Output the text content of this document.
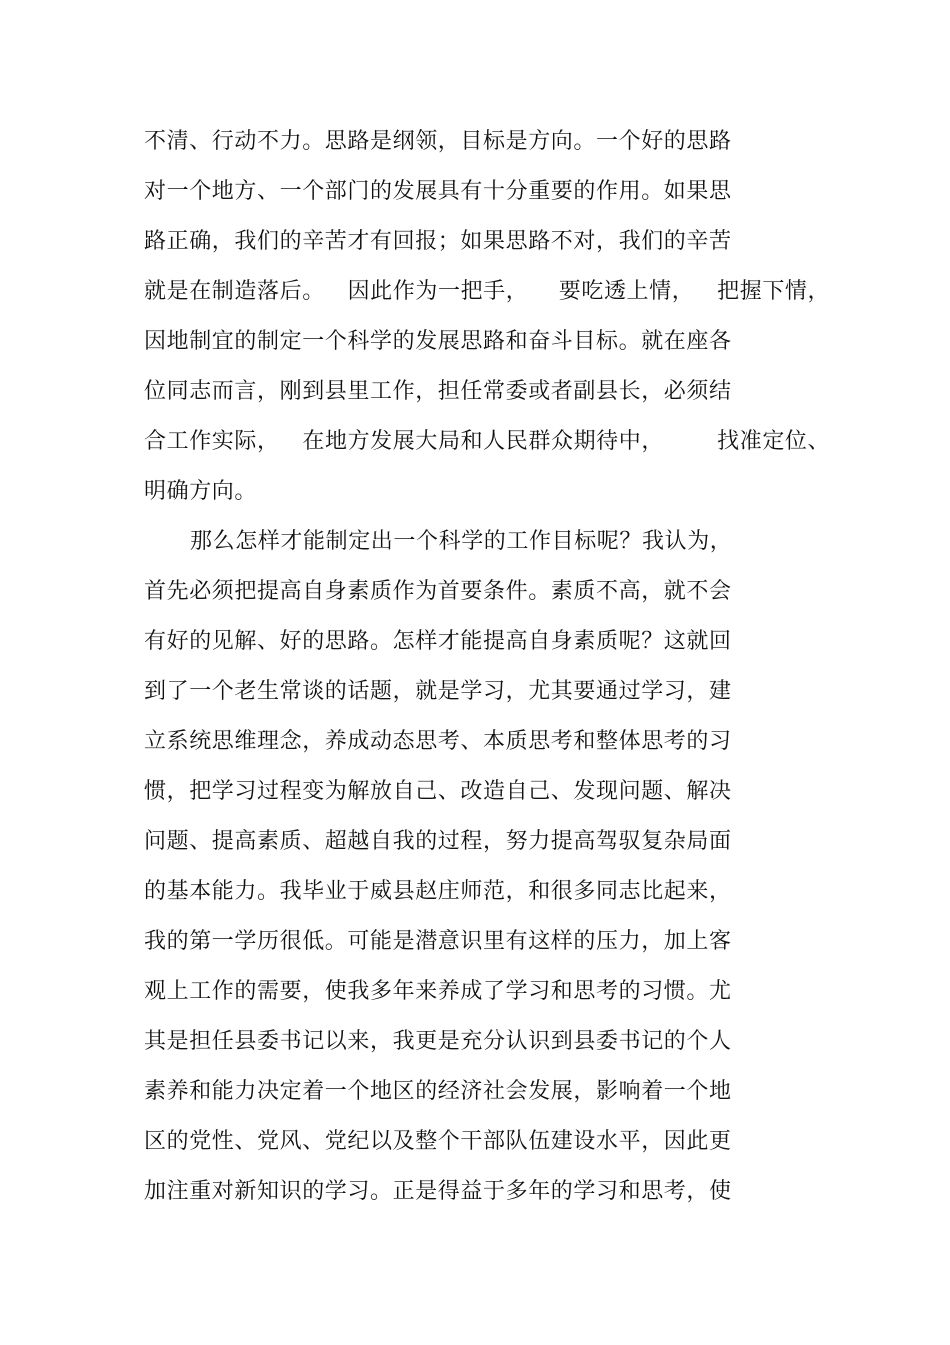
不清、行动不力。思路是纲领，目标是方向。一个好的思路

对一个地方、一个部门的发展具有十分重要的作用。如果思

路正确，我们的辛苦才有回报；如果思路不对，我们的辛苦

就是在制造落后。   因此作为一把手，    要吃透上情，   把握下情，

因地制宜的制定一个科学的发展思路和奋斗目标。就在座各

位同志而言，刚到县里工作，担任常委或者副县长，必须结

合工作实际，   在地方发展大局和人民群众期待中，       找准定位、

明确方向。

那么怎样才能制定出一个科学的工作目标呢？我认为，

首先必须把提高自身素质作为首要条件。素质不高，就不会

有好的见解、好的思路。怎样才能提高自身素质呢？这就回

到了一个老生常谈的话题，就是学习，尤其要通过学习，建

立系统思维理念，养成动态思考、本质思考和整体思考的习

惯，把学习过程变为解放自己、改造自己、发现问题、解决

问题、提高素质、超越自我的过程，努力提高驾驭复杂局面

的基本能力。我毕业于威县赵庄师范，和很多同志比起来，

我的第一学历很低。可能是潜意识里有这样的压力，加上客

观上工作的需要，使我多年来养成了学习和思考的习惯。尤

其是担任县委书记以来，我更是充分认识到县委书记的个人

素养和能力决定着一个地区的经济社会发展，影响着一个地

区的党性、党风、党纪以及整个干部队伍建设水平，因此更

加注重对新知识的学习。正是得益于多年的学习和思考，使
